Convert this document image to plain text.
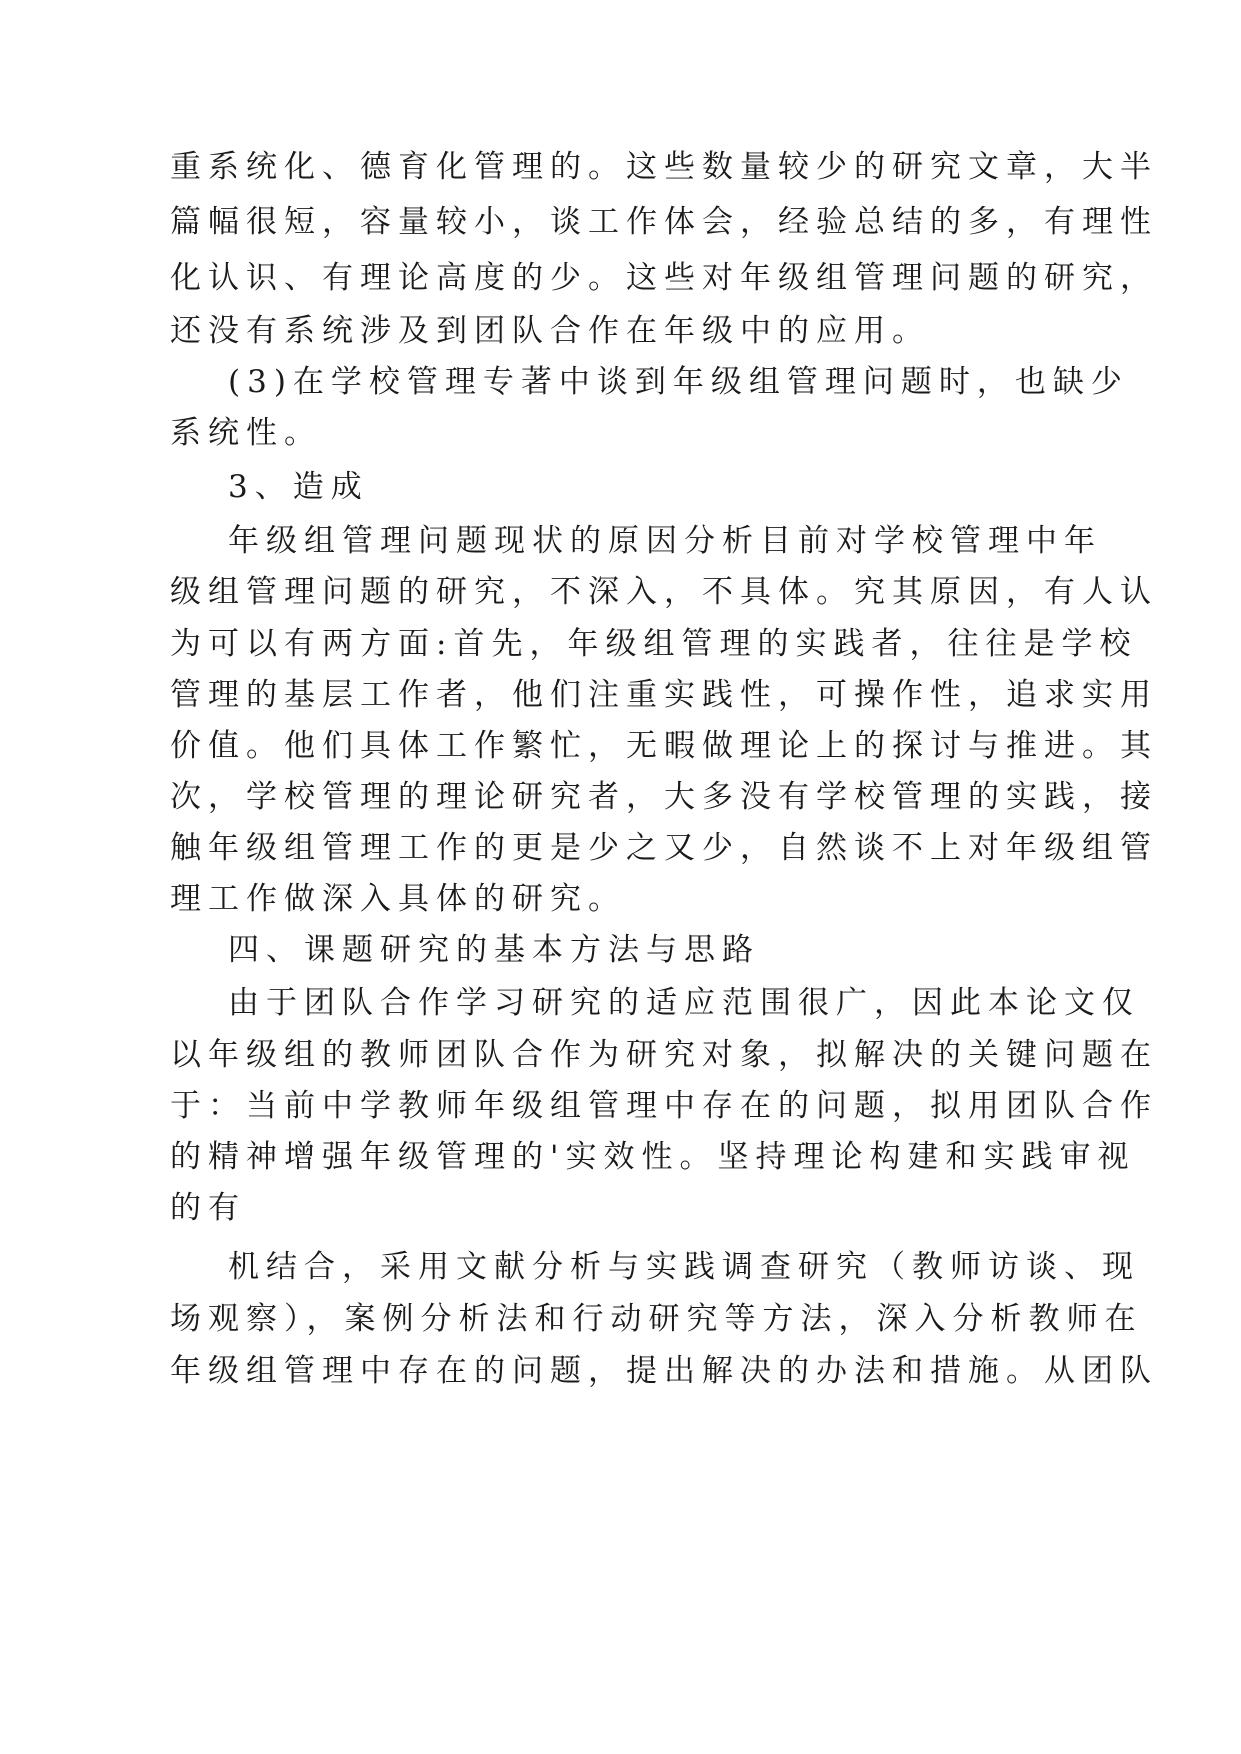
重系统化、德育化管理的。这些数量较少的研究文章，大半
篇幅很短，容量较小，谈工作体会，经验总结的多，有理性
化认识、有理论高度的少。这些对年级组管理问题的研究，
还没有系统涉及到团队合作在年级中的应用。
(3)在学校管理专著中谈到年级组管理问题时，也缺少
系统性。
3、造成
年级组管理问题现状的原因分析目前对学校管理中年
级组管理问题的研究，不深入，不具体。究其原因，有人认
为可以有两方面:首先，年级组管理的实践者，往往是学校
管理的基层工作者，他们注重实践性，可操作性，追求实用
价值。他们具体工作繁忙，无暇做理论上的探讨与推进。其
次，学校管理的理论研究者，大多没有学校管理的实践，接
触年级组管理工作的更是少之又少，自然谈不上对年级组管
理工作做深入具体的研究。
四、课题研究的基本方法与思路
由于团队合作学习研究的适应范围很广，因此本论文仅
以年级组的教师团队合作为研究对象，拟解决的关键问题在
于：当前中学教师年级组管理中存在的问题，拟用团队合作
的精神增强年级管理的'实效性。坚持理论构建和实践审视
的有
机结合，采用文献分析与实践调查研究（教师访谈、现
场观察），案例分析法和行动研究等方法，深入分析教师在
年级组管理中存在的问题，提出解决的办法和措施。从团队
